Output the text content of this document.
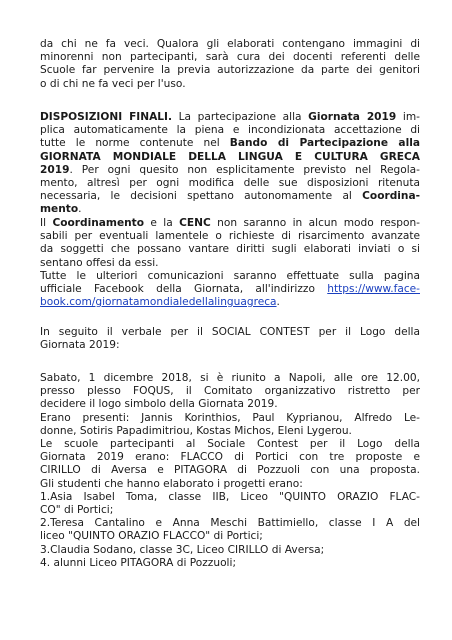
da chi ne fa veci. Qualora gli elaborati contengano immagini di
minorenni non partecipanti, sarà cura dei docenti referenti delle
Scuole far pervenire la previa autorizzazione da parte dei genitori
o di chi ne fa veci per l'uso.
DISPOSIZIONI FINALI. La partecipazione alla Giornata 2019 im-
plica automaticamente la piena e incondizionata accettazione di
tutte le norme contenute nel Bando di Partecipazione alla
GIORNATA MONDIALE DELLA LINGUA E CULTURA GRECA
2019. Per ogni quesito non esplicitamente previsto nel Regola-
mento, altresì per ogni modifica delle sue disposizioni ritenuta
necessaria, le decisioni spettano autonomamente al Coordina-
mento.
Il Coordinamento e la CENC non saranno in alcun modo respon-
sabili per eventuali lamentele o richieste di risarcimento avanzate
da soggetti che possano vantare diritti sugli elaborati inviati o si
sentano offesi da essi.
Tutte le ulteriori comunicazioni saranno effettuate sulla pagina
ufficiale Facebook della Giornata, all'indirizzo https://www.face-
book.com/giornatamondialedellalinguagreca.
In seguito il verbale per il SOCIAL CONTEST per il Logo della
Giornata 2019:
Sabato, 1 dicembre 2018, si è riunito a Napoli, alle ore 12.00,
presso plesso FOQUS, il Comitato organizzativo ristretto per
decidere il logo simbolo della Giornata 2019.
Erano presenti: Jannis Korinthios, Paul Kyprianou, Alfredo Le-
donne, Sotiris Papadimitriou, Kostas Michos, Eleni Lygerou.
Le scuole partecipanti al Sociale Contest per il Logo della
Giornata 2019 erano: FLACCO di Portici con tre proposte e
CIRILLO di Aversa e PITAGORA di Pozzuoli con una proposta.
Gli studenti che hanno elaborato i progetti erano:
1.Asia Isabel Toma, classe IIB, Liceo "QUINTO ORAZIO FLAC-
CO" di Portici;
2.Teresa Cantalino e Anna Meschi Battimiello, classe I A del
liceo "QUINTO ORAZIO FLACCO" di Portici;
3.Claudia Sodano, classe 3C, Liceo CIRILLO di Aversa;
4. alunni Liceo PITAGORA di Pozzuoli;
